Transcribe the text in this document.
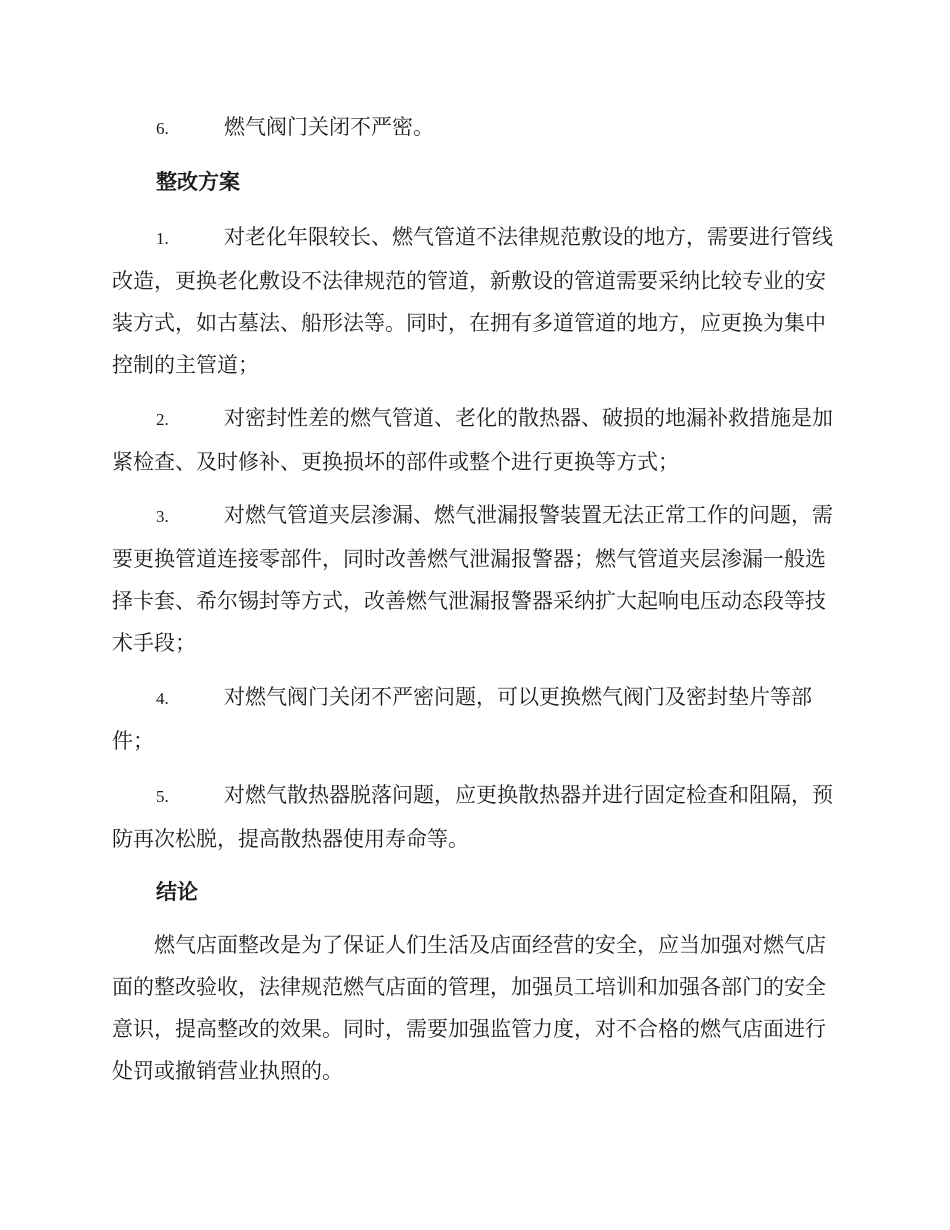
6.	燃气阀门关闭不严密。
整改方案
1.	对老化年限较长、燃气管道不法律规范敷设的地方，需要进行管线改造，更换老化敷设不法律规范的管道，新敷设的管道需要采纳比较专业的安装方式，如古墓法、船形法等。同时，在拥有多道管道的地方，应更换为集中控制的主管道；
2.	对密封性差的燃气管道、老化的散热器、破损的地漏补救措施是加紧检查、及时修补、更换损坏的部件或整个进行更换等方式；
3.	对燃气管道夹层渗漏、燃气泄漏报警装置无法正常工作的问题，需要更换管道连接零部件，同时改善燃气泄漏报警器；燃气管道夹层渗漏一般选择卡套、希尔锡封等方式，改善燃气泄漏报警器采纳扩大起响电压动态段等技术手段；
4.	对燃气阀门关闭不严密问题，可以更换燃气阀门及密封垫片等部件；
5.	对燃气散热器脱落问题，应更换散热器并进行固定检查和阻隔，预防再次松脱，提高散热器使用寿命等。
结论
燃气店面整改是为了保证人们生活及店面经营的安全，应当加强对燃气店面的整改验收，法律规范燃气店面的管理，加强员工培训和加强各部门的安全意识，提高整改的效果。同时，需要加强监管力度，对不合格的燃气店面进行处罚或撤销营业执照的。
